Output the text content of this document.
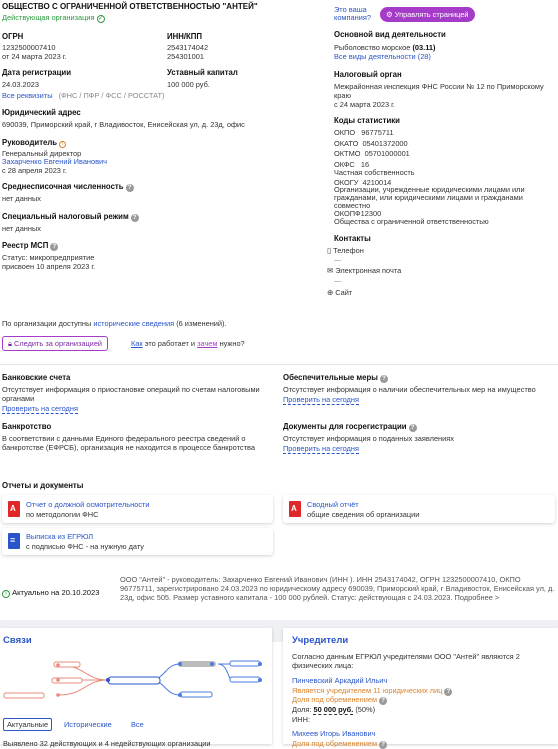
ОБЩЕСТВО С ОГРАНИЧЕННОЙ ОТВЕТСТВЕННОСТЬЮ "АНТЕЙ"
Действующая организация ✓
ОГРН
1232500007410
от 24 марта 2023 г.
ИНН/КПП
2543174042
254301001
Дата регистрации
24.03.2023
Уставный капитал
100 000 руб.
Все реквизиты (ФНС / ПФР / ФСС / РОССТАТ)
Юридический адрес
690039, Приморский край, г Владивосток, Енисейская ул, д. 23д, офис
Руководитель !
Генеральный директор
Захарченко Евгений Иванович
с 28 апреля 2023 г.
Среднесписочная численность ?
нет данных
Специальный налоговый режим ?
нет данных
Реестр МСП ?
Статус: микропредприятие
присвоен 10 апреля 2023 г.
Это ваша компания?	⚙ Управлять страницей
Основной вид деятельности
Рыболовство морское (03.11)
Все виды деятельности (28)
Налоговый орган
Межрайонная инспекция ФНС России № 12 по Приморскому краю
с 24 марта 2023 г.
Коды статистики
ОКПО   96775711
ОКАТО  05401372000
ОКТМО  05701000001
ОКФС   16
Частная собственность
ОКОГУ  4210014
Организации, учрежденные юридическими лицами или гражданами, или юридическими лицами и гражданами совместно
ОКОПФ12300
Общества с ограниченной ответственностью
Контакты
▯ Телефон
—
✉ Электронная почта
—
⊕ Сайт
По организации доступны исторические сведения (6 изменений).
🔒︎ Следить за организацией	Как это работает и зачем нужно?
Банковские счета
Отсутствует информация о приостановке операций по счетам налоговыми органами
Проверить на сегодня
Обеспечительные меры ?
Отсутствует информация о наличии обеспечительных мер на имущество
Проверить на сегодня
Банкротство
В соответствии с данными Единого федерального реестра сведений о банкротстве (ЕФРСБ), организация не находится в процессе банкротства
Документы для госрегистрации ?
Отсутствует информация о поданных заявлениях
Проверить на сегодня
Отчеты и документы
A
Отчет о должной осмотрительности
по методологии ФНС
A
Сводный отчёт
общие сведения об организации
≡
Выписка из ЕГРЮЛ
с подписью ФНС - на нужную дату
i Актуально на 20.10.2023
ООО "Антей" - руководитель: Захарченко Евгений Иванович (ИНН ). ИНН 2543174042, ОГРН 1232500007410, ОКПО 96775711, зарегистрировано 24.03.2023 по юридическому адресу 690039, Приморский край, г Владивосток, Енисейская ул, д. 23д, офис 505. Размер уставного капитала - 100 000 рублей. Статус: действующая с 24.03.2023. Подробнее >
Связи
Актуальные	Исторические	Все
Выявлено 32 действующих и 4 недействующих организации
Учредители
Согласно данным ЕГРЮЛ учредителями ООО "Антей" являются 2 физических лица:
Пинчевский Аркадий Ильич
Является учредителем 11 юридических лиц ?
Доля под обременением ?
Доля: 50 000 руб. (50%)
ИНН:
Михеев Игорь Иванович
Доля под обременением ?
